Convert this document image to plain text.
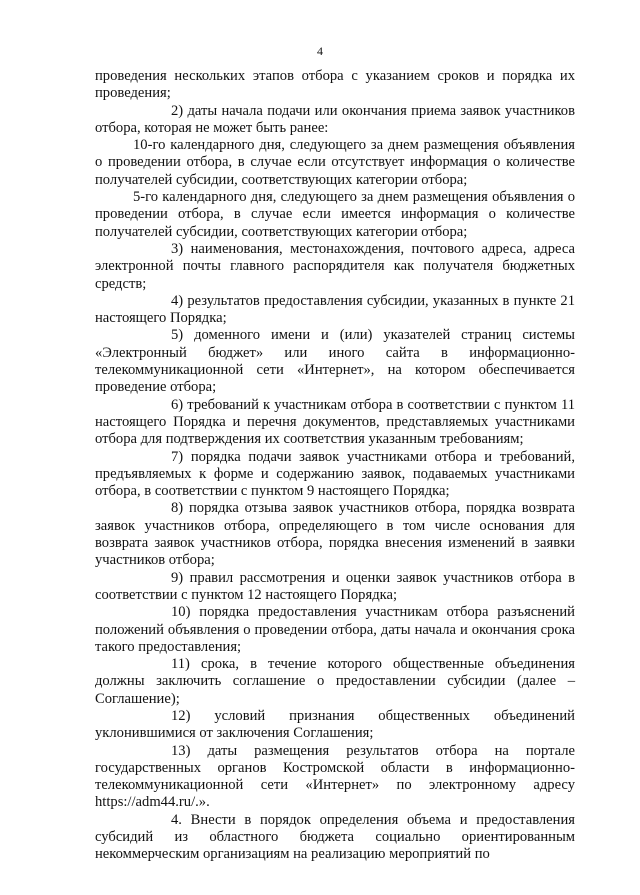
4

проведения нескольких этапов отбора с указанием сроков и порядка их проведения;

2) даты начала подачи или окончания приема заявок участников отбора, которая не может быть ранее:

10-го календарного дня, следующего за днем размещения объявления о проведении отбора, в случае если отсутствует информация о количестве получателей субсидии, соответствующих категории отбора;

5-го календарного дня, следующего за днем размещения объявления о проведении отбора, в случае если имеется информация о количестве получателей субсидии, соответствующих категории отбора;

3) наименования, местонахождения, почтового адреса, адреса электронной почты главного распорядителя как получателя бюджетных средств;

4) результатов предоставления субсидии, указанных в пункте 21 настоящего Порядка;

5) доменного имени и (или) указателей страниц системы «Электронный бюджет» или иного сайта в информационно-телекоммуникационной сети «Интернет», на котором обеспечивается проведение отбора;

6) требований к участникам отбора в соответствии с пунктом 11 настоящего Порядка и перечня документов, представляемых участниками отбора для подтверждения их соответствия указанным требованиям;

7) порядка подачи заявок участниками отбора и требований, предъявляемых к форме и содержанию заявок, подаваемых участниками отбора, в соответствии с пунктом 9 настоящего Порядка;

8) порядка отзыва заявок участников отбора, порядка возврата заявок участников отбора, определяющего в том числе основания для возврата заявок участников отбора, порядка внесения изменений в заявки участников отбора;

9) правил рассмотрения и оценки заявок участников отбора в соответствии с пунктом 12 настоящего Порядка;

10) порядка предоставления участникам отбора разъяснений положений объявления о проведении отбора, даты начала и окончания срока такого предоставления;

11) срока, в течение которого общественные объединения должны заключить соглашение о предоставлении субсидии (далее – Соглашение);

12) условий признания общественных объединений уклонившимися от заключения Соглашения;

13) даты размещения результатов отбора на портале государственных органов Костромской области в информационно-телекоммуникационной сети «Интернет» по электронному адресу https://adm44.ru/.».

4. Внести в порядок определения объема и предоставления субсидий из областного бюджета социально ориентированным некоммерческим организациям на реализацию мероприятий по
